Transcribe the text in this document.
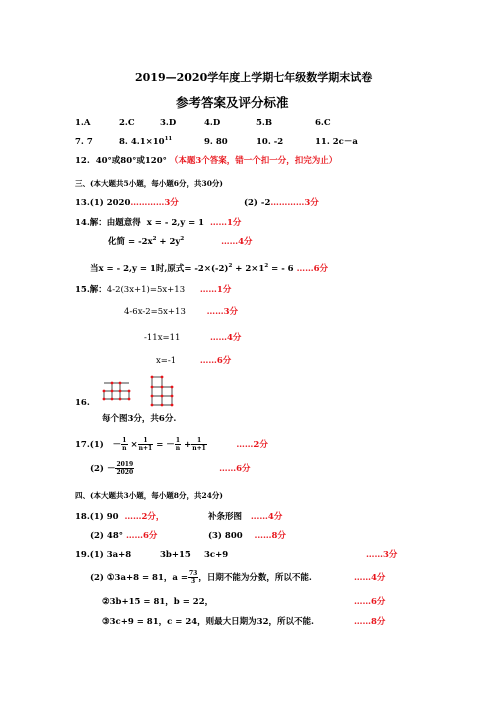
2019—2020学年度上学期七年级数学期末试卷
参考答案及评分标准
1.A	2.C	3.D	4.D	5.B	6.C
7. 7	8. $4.1\times 10^{11}$	9. 80	10. -2	11. 2c－a
12. 40°或80°或120° （本题3个答案，错一个扣一分，扣完为止）
三、(本大题共5小题，每小题6分，共30分)
13.(1) 2020…………3分	(2) -2…………3分
14.解：由题意得 x = - 2,y = 1 ……1分
化简 = $-2x^2 + 2y^2$	……4分
当x = - 2,y = 1时,原式= $-2\times(-2)^2 + 2\times 1^2$ = - 6 ……6分
15.解：4-2(3x+1)=5x+13 ……1分
4-6x-2=5x+13 ……3分
-11x=11	……4分
x=-1	……6分
16.
每个图3分，共6分.
$17.(1) - \frac{1}{n} \times \frac{1}{n+1}$ = － $\frac{1}{n} + \frac{1}{n+1}$	……2分
$(2) - \frac{2019}{2020}$	……6分
四、(本大题共3小题，每小题8分，共24分)
18.(1) 90 ……2分，	补条形图 ……4分
(2) 48° ……6分	(3) 800 ……8分
19.(1) 3a+8	3b+15 3c+9	……3分
(2) ①3a+8 = 81，$a = \frac{73}{3}$ ，日期不能为分数，所以不能.	……4分
②3b+15 = 81，b = 22，	……6分
③3c+9 = 81，c = 24，则最大日期为32，所以不能.	……8分
